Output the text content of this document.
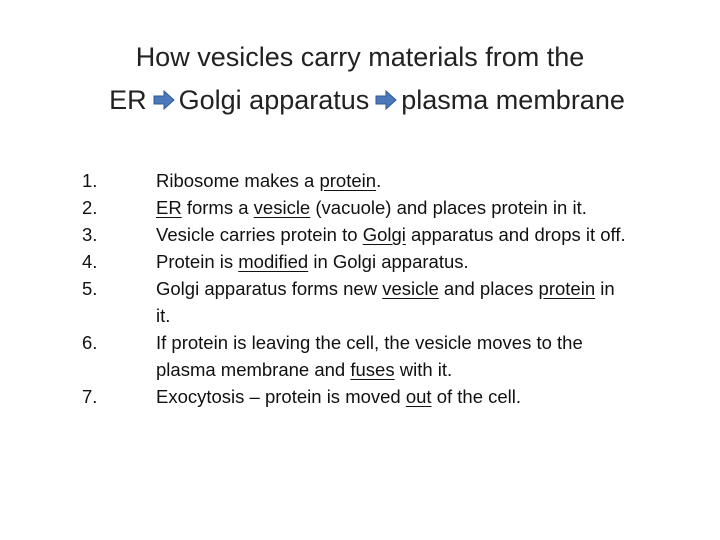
How vesicles carry materials from the
ER Golgi apparatus plasma membrane
1.	Ribosome makes a protein.
2.	ER forms a vesicle (vacuole) and places protein in it.
3.	Vesicle carries protein to Golgi apparatus and drops it off.
4.	Protein is modified in Golgi apparatus.
5.	Golgi apparatus forms new vesicle and places protein in
it.
6.	If protein is leaving the cell, the vesicle moves to the
plasma membrane and fuses with it.
7.	Exocytosis – protein is moved out of the cell.
